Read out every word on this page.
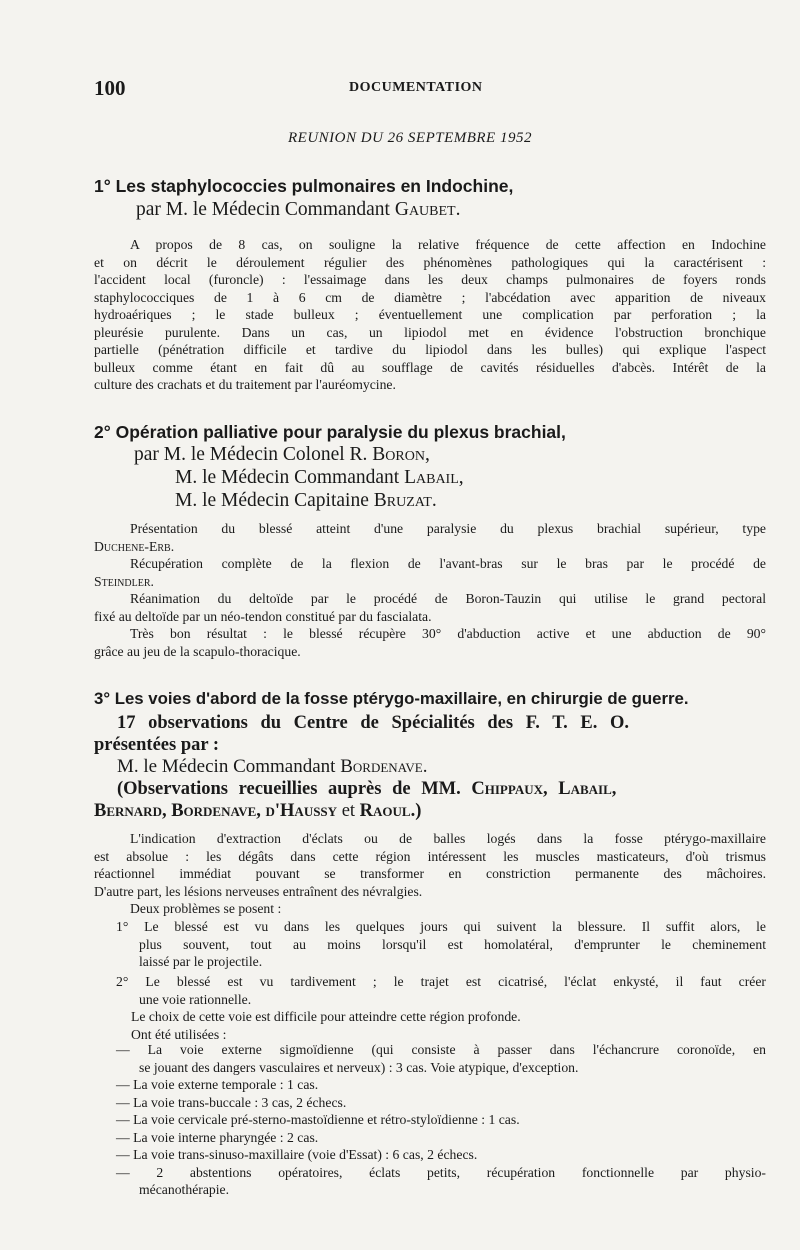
100	DOCUMENTATION
REUNION DU 26 SEPTEMBRE 1952
1° Les staphylococcies pulmonaires en Indochine,
par M. le Médecin Commandant Gaubet.
A propos de 8 cas, on souligne la relative fréquence de cette affection en Indochine
et on décrit le déroulement régulier des phénomènes pathologiques qui la caractérisent :
l'accident local (furoncle) : l'essaimage dans les deux champs pulmonaires de foyers ronds
staphylococciques de 1 à 6 cm de diamètre ; l'abcédation avec apparition de niveaux
hydroaériques ; le stade bulleux ; éventuellement une complication par perforation ; la
pleurésie purulente. Dans un cas, un lipiodol met en évidence l'obstruction bronchique
partielle (pénétration difficile et tardive du lipiodol dans les bulles) qui explique l'aspect
bulleux comme étant en fait dû au soufflage de cavités résiduelles d'abcès. Intérêt de la
culture des crachats et du traitement par l'auréomycine.
2° Opération palliative pour paralysie du plexus brachial,
par M. le Médecin Colonel R. Boron,
M. le Médecin Commandant Labail,
M. le Médecin Capitaine Bruzat.
Présentation du blessé atteint d'une paralysie du plexus brachial supérieur, type
Duchene-Erb.
Récupération complète de la flexion de l'avant-bras sur le bras par le procédé de
Steindler.
Réanimation du deltoïde par le procédé de Boron-Tauzin qui utilise le grand pectoral
fixé au deltoïde par un néo-tendon constitué par du fascialata.
Très bon résultat : le blessé récupère 30° d'abduction active et une abduction de 90°
grâce au jeu de la scapulo-thoracique.
3° Les voies d'abord de la fosse ptérygo-maxillaire, en chirurgie de guerre.
17 observations du Centre de Spécialités des F. T. E. O.
présentées par :
M. le Médecin Commandant Bordenave.
(Observations recueillies auprès de MM. Chippaux, Labail,
Bernard, Bordenave, d'Haussy et Raoul.)
L'indication d'extraction d'éclats ou de balles logés dans la fosse ptérygo-maxillaire
est absolue : les dégâts dans cette région intéressent les muscles masticateurs, d'où trismus
réactionnel immédiat pouvant se transformer en constriction permanente des mâchoires.
D'autre part, les lésions nerveuses entraînent des névralgies.
Deux problèmes se posent :
1° Le blessé est vu dans les quelques jours qui suivent la blessure. Il suffit alors, le
plus souvent, tout au moins lorsqu'il est homolatéral, d'emprunter le cheminement
laissé par le projectile.
2° Le blessé est vu tardivement ; le trajet est cicatrisé, l'éclat enkysté, il faut créer
une voie rationnelle.
Le choix de cette voie est difficile pour atteindre cette région profonde.
Ont été utilisées :
— La voie externe sigmoïdienne (qui consiste à passer dans l'échancrure coronoïde, en
se jouant des dangers vasculaires et nerveux) : 3 cas. Voie atypique, d'exception.
— La voie externe temporale : 1 cas.
— La voie trans-buccale : 3 cas, 2 échecs.
— La voie cervicale pré-sterno-mastoïdienne et rétro-styloïdienne : 1 cas.
— La voie interne pharyngée : 2 cas.
— La voie trans-sinuso-maxillaire (voie d'Essat) : 6 cas, 2 échecs.
— 2 abstentions opératoires, éclats petits, récupération fonctionnelle par physio-
mécanothérapie.
